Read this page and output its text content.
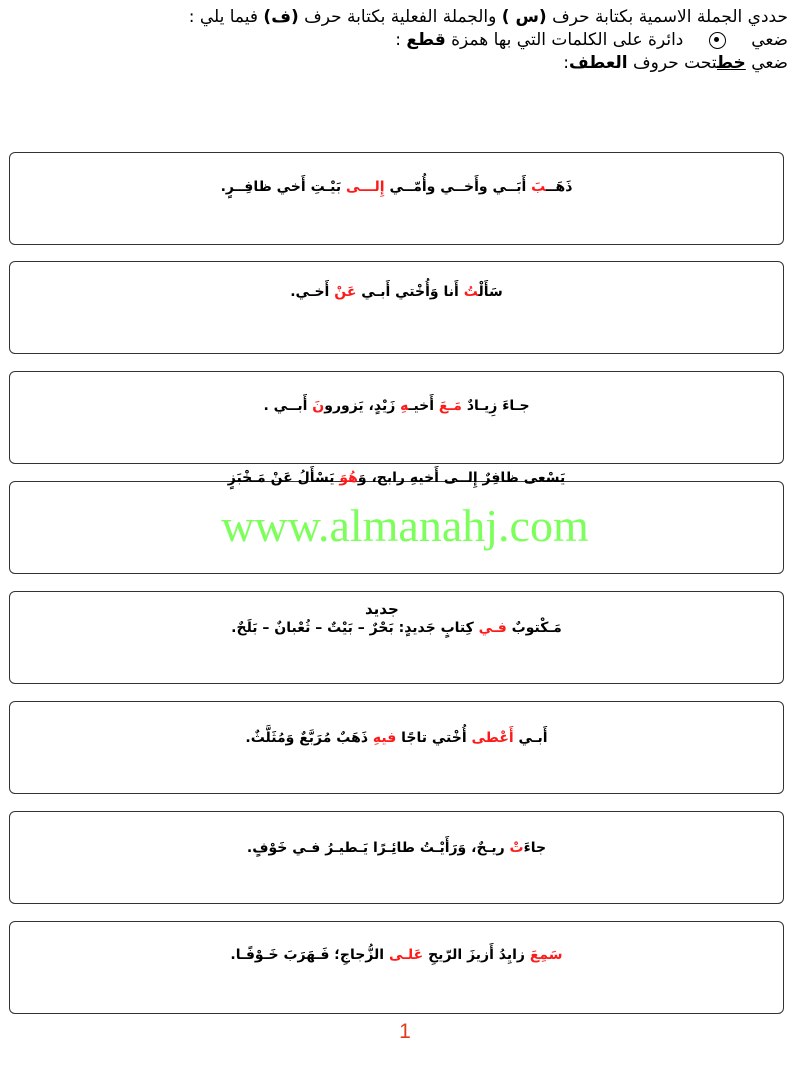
حددي الجملة الاسمية بكتابة حرف (س ) والجملة الفعلية بكتابة حرف (ف) فيما يلي :
ضعي  دائرة على الكلمات التي بها همزة قطع :
ضعي خطتحت حروف العطف:
ذَهَــبَ أَبَــي وأَخــي وأُمّــي إِلـــى بَيْـتِ أَخي ظافِــرٍ.
سَأَلْتُ أَنا وَأُخْتي أَبـي عَنْ أَخـي.
جـاءَ زِيـادٌ مَـعَ أَخيـهِ زَيْدٍ، يَزورونَ أَبــي .
يَسْعى ظافِرٌ إِلــى أَخيهِ رابح، وَهُوَ يَسْأَلُ عَنْ مَـخْبَزٍ
www.almanahj.com
جديد
مَـكْتوبٌ فـي كِتابٍ جَديدٍ: بَحْرٌ – بَيْتٌ – ثُعْبانٌ – بَلَحٌ.
أَبـي أَعْطى أُخْتي تاجًا فيهِ ذَهَبٌ مُرَبَّعٌ وَمُثَلَّثٌ.
جاءَتْ ريـحٌ، وَرَأَيْـتُ طائِـرًا يَـطيـرُ فـي خَوْفٍ.
سَمِعَ زايِدُ أَزيزَ الرّيحِ عَلـى الزُّجاجِ؛ فَـهَرَبَ خَـوْفًـا.
1
